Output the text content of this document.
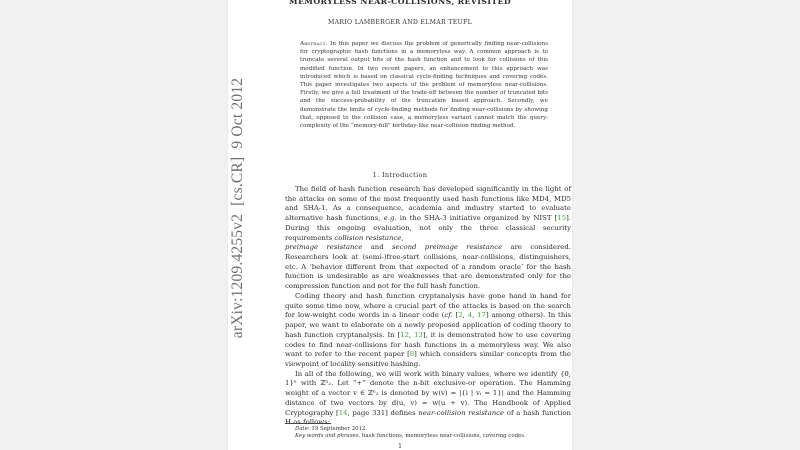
MEMORYLESS NEAR-COLLISIONS, REVISITED
MARIO LAMBERGER AND ELMAR TEUFL
Abstract. In this paper we discuss the problem of generically finding near-collisions for cryptographic hash functions in a memoryless way. A common approach is to truncate several output bits of the hash function and to look for collisions of this modified function. In two recent papers, an enhancement to this approach was introduced which is based on classical cycle-finding techniques and covering codes. This paper investigates two aspects of the problem of memoryless near-collisions. Firstly, we give a full treatment of the trade-off between the number of truncated bits and the success-probability of the truncation based approach. Secondly, we demonstrate the limits of cycle-finding methods for finding near-collisions by showing that, opposed to the collision case, a memoryless variant cannot match the query-complexity of the “memory-full” birthday-like near-collision finding method.
1. Introduction

The field of hash function research has developed significantly in the light of the attacks on some of the most frequently used hash functions like MD4, MD5 and SHA-1. As a consequence, academia and industry started to evaluate alternative hash functions, e.g. in the SHA-3 initiative organized by NIST [15]. During this ongoing evaluation, not only the three classical security requirements collision resistance,
preimage resistance and second preimage resistance are considered. Researchers look at (semi-)free-start collisions, near-collisions, distinguishers, etc. A ‘behavior different from that expected of a random oracle’ for the hash function is undesirable as are weaknesses that are demonstrated only for the compression function and not for the full hash function.

Coding theory and hash function cryptanalysis have gone hand in hand for quite some time now, where a crucial part of the attacks is based on the search for low-weight code words in a linear code (cf. [2, 4, 17] among others). In this paper, we want to elaborate on a newly proposed application of coding theory to hash function cryptanalysis. In [12, 13], it is demonstrated how to use covering codes to find near-collisions for hash functions in a memoryless way. We also want to refer to the recent paper [8] which considers similar concepts from the viewpoint of locality sensitive hashing.

In all of the following, we will work with binary values, where we identify {0, 1}ⁿ with ℤⁿ₂. Let “+” denote the n-bit exclusive-or operation. The Hamming weight of a vector v ∈ ℤⁿ₂ is denoted by w(v) = |{i | vᵢ = 1}| and the Hamming distance of two vectors by d(u, v) = w(u + v). The Handbook of Applied Cryptography [14, page 331] defines near-collision resistance of a hash function H as follows:

Date: 19 September 2012.
Key words and phrases. hash functions, memoryless near-collisions, covering codes.
1
arXiv:1209.4255v2[cs.CR]9 Oct 2012
